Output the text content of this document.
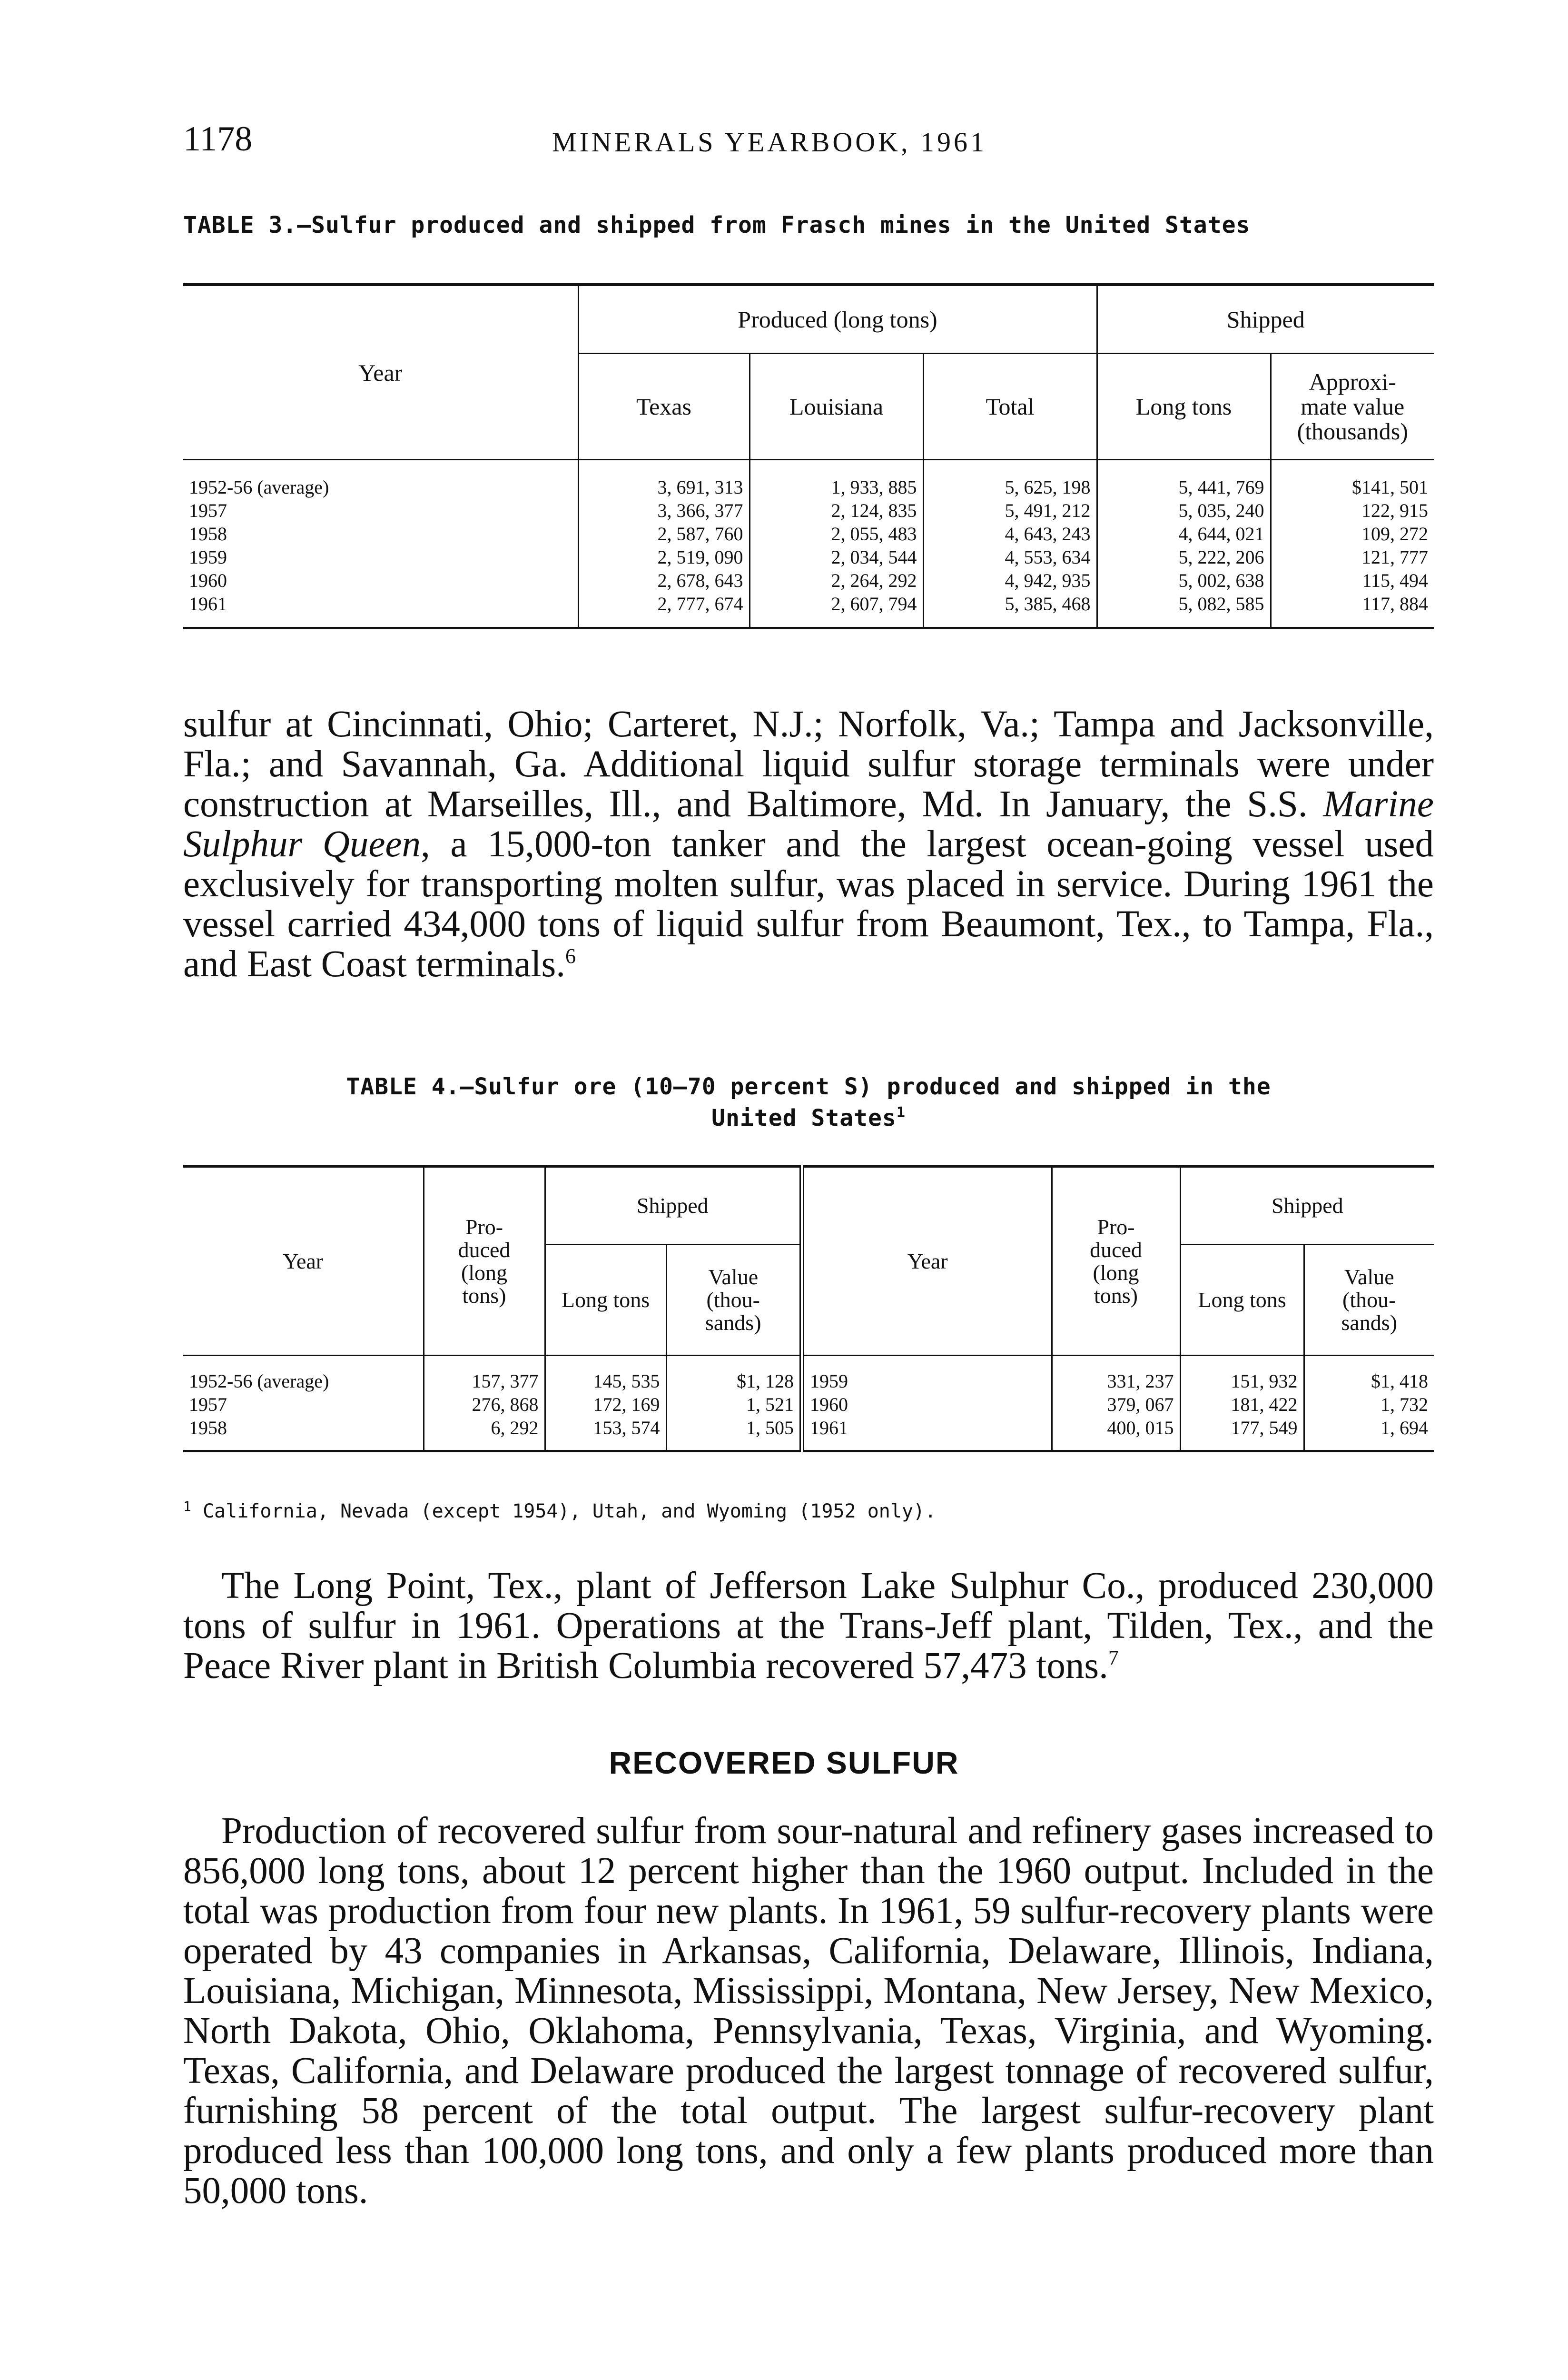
1178	MINERALS YEARBOOK, 1961
TABLE 3.—Sulfur produced and shipped from Frasch mines in the United States
Year	Produced (long tons)			Shipped	
	Texas	Louisiana	Total	Long tons	Approxi-
mate value
(thousands)
1952-56 (average)	3, 691, 313	1, 933, 885	5, 625, 198	5, 441, 769	$141, 501
1957	3, 366, 377	2, 124, 835	5, 491, 212	5, 035, 240	122, 915
1958	2, 587, 760	2, 055, 483	4, 643, 243	4, 644, 021	109, 272
1959	2, 519, 090	2, 034, 544	4, 553, 634	5, 222, 206	121, 777
1960	2, 678, 643	2, 264, 292	4, 942, 935	5, 002, 638	115, 494
1961	2, 777, 674	2, 607, 794	5, 385, 468	5, 082, 585	117, 884
sulfur at Cincinnati, Ohio; Carteret, N.J.; Norfolk, Va.; Tampa and Jacksonville, Fla.; and Savannah, Ga. Additional liquid sulfur storage terminals were under construction at Marseilles, Ill., and Baltimore, Md. In January, the S.S. Marine Sulphur Queen, a 15,000-ton tanker and the largest ocean-going vessel used exclusively for transporting molten sulfur, was placed in service. During 1961 the vessel carried 434,000 tons of liquid sulfur from Beaumont, Tex., to Tampa, Fla., and East Coast terminals.$^6$
TABLE 4.—Sulfur ore (10–70 percent S) produced and shipped in the
United States$^1$
Year	Pro-
duced
(long
tons)	Shipped		Year	Pro-
duced
(long
tons)	Shipped	
		Long tons	Value
(thou-
sands)			Long tons	Value
(thou-
sands)
1952-56 (average)	157, 377	145, 535	$1, 128	1959	331, 237	151, 932	$1, 418
1957	276, 868	172, 169	1, 521	1960	379, 067	181, 422	1, 732
1958	6, 292	153, 574	1, 505	1961	400, 015	177, 549	1, 694
$^1$ California, Nevada (except 1954), Utah, and Wyoming (1952 only).
The Long Point, Tex., plant of Jefferson Lake Sulphur Co., produced 230,000 tons of sulfur in 1961. Operations at the Trans-Jeff plant, Tilden, Tex., and the Peace River plant in British Columbia recovered 57,473 tons.$^7$
RECOVERED SULFUR
Production of recovered sulfur from sour-natural and refinery gases increased to 856,000 long tons, about 12 percent higher than the 1960 output. Included in the total was production from four new plants. In 1961, 59 sulfur-recovery plants were operated by 43 companies in Arkansas, California, Delaware, Illinois, Indiana, Louisiana, Michigan, Minnesota, Mississippi, Montana, New Jersey, New Mexico, North Dakota, Ohio, Oklahoma, Pennsylvania, Texas, Virginia, and Wyoming. Texas, California, and Delaware produced the largest tonnage of recovered sulfur, furnishing 58 percent of the total output. The largest sulfur-recovery plant produced less than 100,000 long tons, and only a few plants produced more than 50,000 tons.
